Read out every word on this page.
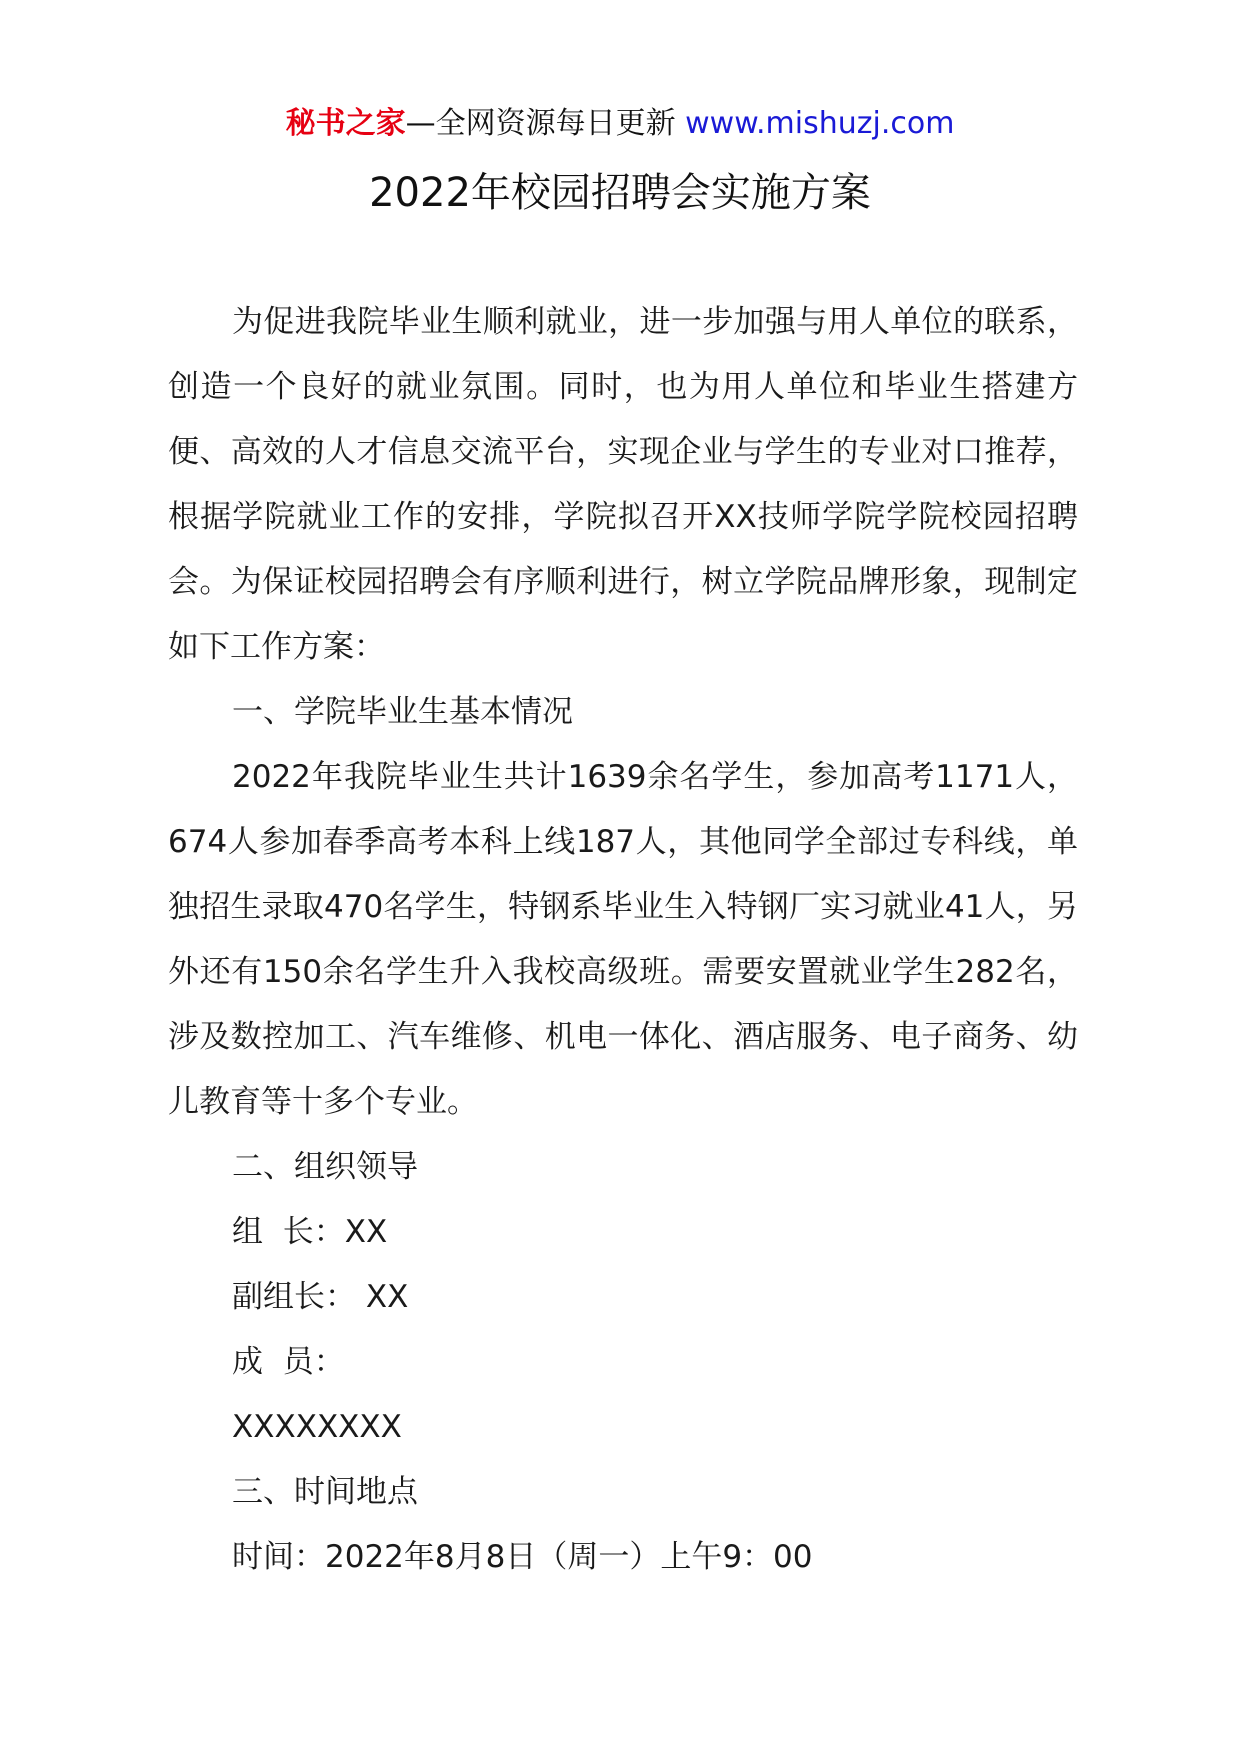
秘书之家—全网资源每日更新 www.mishuzj.com
2022年校园招聘会实施方案

为促进我院毕业生顺利就业，进一步加强与用人单位的联系，创造一个良好的就业氛围。同时，也为用人单位和毕业生搭建方便、高效的人才信息交流平台，实现企业与学生的专业对口推荐，根据学院就业工作的安排，学院拟召开XX技师学院学院校园招聘会。为保证校园招聘会有序顺利进行，树立学院品牌形象，现制定如下工作方案：

一、学院毕业生基本情况

2022年我院毕业生共计1639余名学生，参加高考1171人，674人参加春季高考本科上线187人，其他同学全部过专科线，单独招生录取470名学生，特钢系毕业生入特钢厂实习就业41人，另外还有150余名学生升入我校高级班。需要安置就业学生282名，涉及数控加工、汽车维修、机电一体化、酒店服务、电子商务、幼儿教育等十多个专业。

二、组织领导

组  长：XX

副组长： XX

成  员：

XXXXXXXX

三、时间地点

时间：2022年8月8日（周一）上午9：00
